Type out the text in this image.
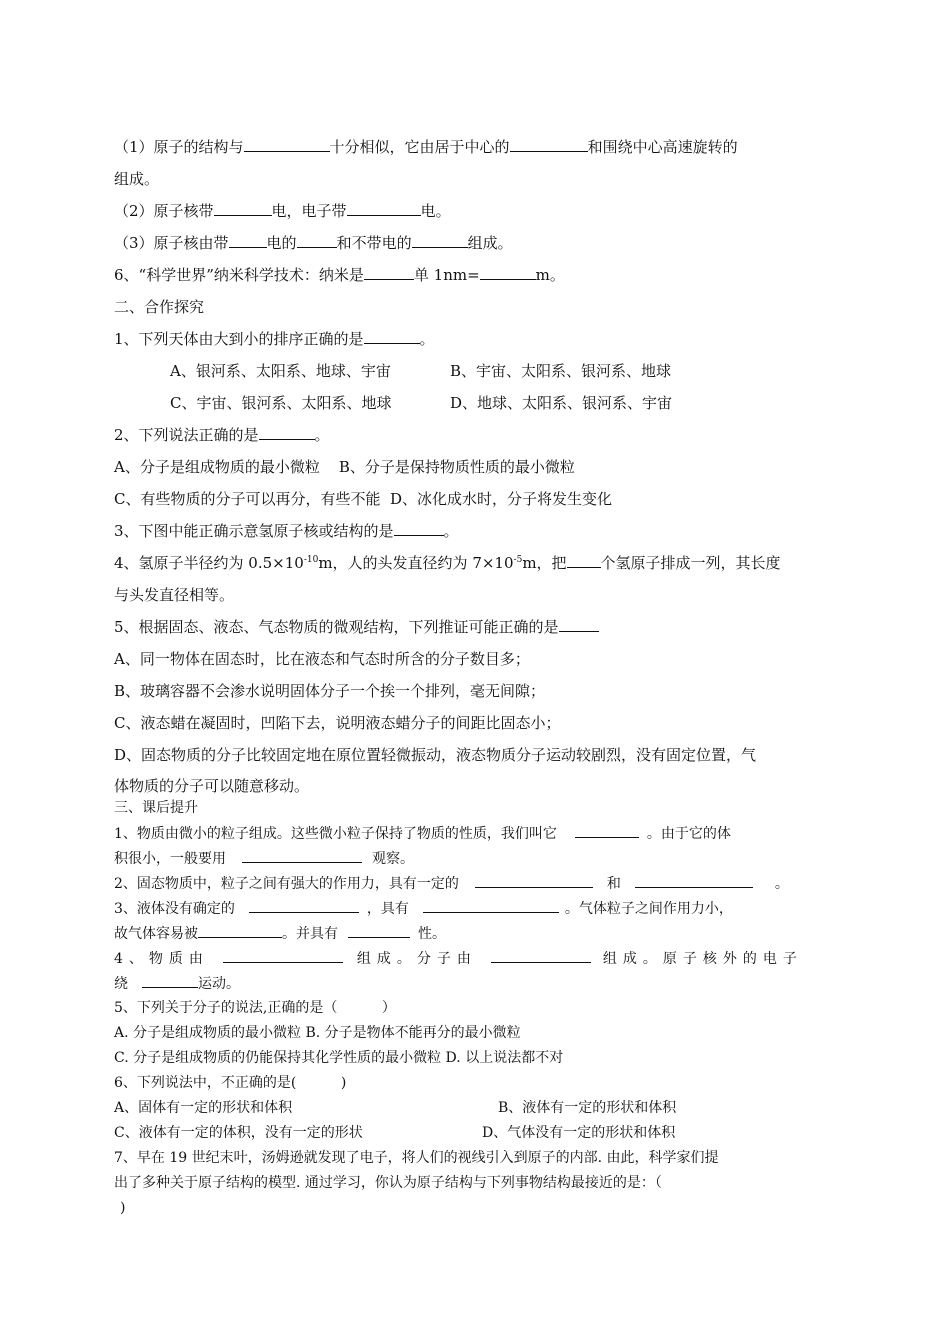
（1）原子的结构与	十分相似，它由居于中心的	和围绕中心高速旋转的
组成。
（2）原子核带	电，电子带	电。
（3）原子核由带	电的	和不带电的	组成。
6、“科学世界”纳米科学技术：纳米是	单 1nm=	m。
二、合作探究
1、下列天体由大到小的排序正确的是	。
A、银河系、太阳系、地球、宇宙	B、宇宙、太阳系、银河系、地球
C、宇宙、银河系、太阳系、地球	D、地球、太阳系、银河系、宇宙
2、下列说法正确的是	。
A、分子是组成物质的最小微粒    B、分子是保持物质性质的最小微粒
C、有些物质的分子可以再分，有些不能  D、冰化成水时，分子将发生变化
3、下图中能正确示意氢原子核或结构的是	。
4、氢原子半径约为 $0.5\times 10^{-10}m$，人的头发直径约为 $7\times 10^{-5}m$，把 个氢原子排成一列，其长度
与头发直径相等。
5、根据固态、液态、气态物质的微观结构，下列推证可能正确的是
A、同一物体在固态时，比在液态和气态时所含的分子数目多；
B、玻璃容器不会渗水说明固体分子一个挨一个排列，毫无间隙；
C、液态蜡在凝固时，凹陷下去，说明液态蜡分子的间距比固态小；
D、固态物质的分子比较固定地在原位置轻微振动，液态物质分子运动较剧烈，没有固定位置，气
体物质的分子可以随意移动。
三、课后提升
1、物质由微小的粒子组成。这些微小粒子保持了物质的性质，我们叫它	。由于它的体
积很小，一般要用	观察。
2、固态物质中，粒子之间有强大的作用力，具有一定的	和	。
3、液体没有确定的	，具有	。气体粒子之间作用力小，
故气体容易被	。并具有	性。
4、物质由	组成。分子由	组成。原子核外的电子
绕	运动。
5、下列关于分子的说法,正确的是（          ）
A. 分子是组成物质的最小微粒 B. 分子是物体不能再分的最小微粒
C. 分子是组成物质的仍能保持其化学性质的最小微粒 D. 以上说法都不对
6、下列说法中，不正确的是(          )
A、固体有一定的形状和体积	B、液体有一定的形状和体积
C、液体有一定的体积，没有一定的形状	D、气体没有一定的形状和体积
7、早在 19 世纪末叶，汤姆逊就发现了电子，将人们的视线引入到原子的内部. 由此，科学家们提
出了多种关于原子结构的模型. 通过学习，你认为原子结构与下列事物结构最接近的是：（
)
